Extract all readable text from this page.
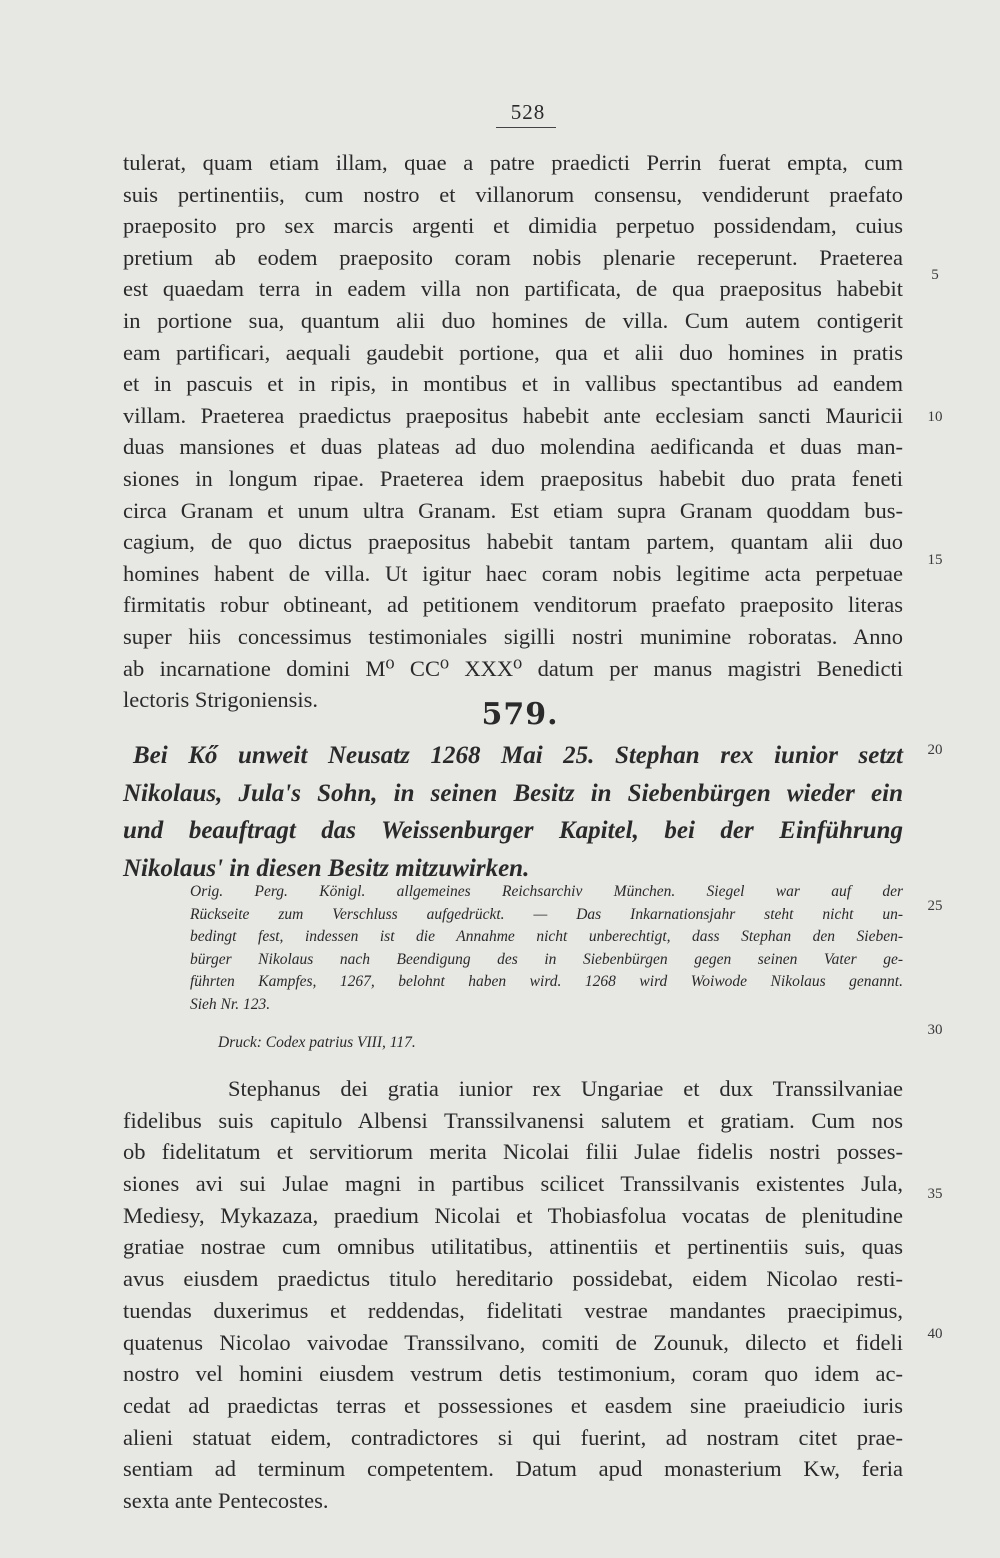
528
tulerat, quam etiam illam, quae a patre praedicti Perrin fuerat empta, cum
suis pertinentiis, cum nostro et villanorum consensu, vendiderunt praefato
praeposito pro sex marcis argenti et dimidia perpetuo possidendam, cuius
pretium ab eodem praeposito coram nobis plenarie receperunt. Praeterea
est quaedam terra in eadem villa non partificata, de qua praepositus habebit
in portione sua, quantum alii duo homines de villa. Cum autem contigerit
eam partificari, aequali gaudebit portione, qua et alii duo homines in pratis
et in pascuis et in ripis, in montibus et in vallibus spectantibus ad eandem
villam. Praeterea praedictus praepositus habebit ante ecclesiam sancti Mauricii
duas mansiones et duas plateas ad duo molendina aedificanda et duas man-
siones in longum ripae. Praeterea idem praepositus habebit duo prata feneti
circa Granam et unum ultra Granam. Est etiam supra Granam quoddam bus-
cagium, de quo dictus praepositus habebit tantam partem, quantam alii duo
homines habent de villa. Ut igitur haec coram nobis legitime acta perpetuae
firmitatis robur obtineant, ad petitionem venditorum praefato praeposito literas
super hiis concessimus testimoniales sigilli nostri munimine roboratas. Anno
ab incarnatione domini M⁰ CC⁰ XXX⁰ datum per manus magistri Benedicti
lectoris Strigoniensis.	579.
Bei Kő unweit Neusatz 1268 Mai 25. Stephan rex iunior setzt
Nikolaus, Jula's Sohn, in seinen Besitz in Siebenbürgen wieder ein
und beauftragt das Weissenburger Kapitel, bei der Einführung
Nikolaus' in diesen Besitz mitzuwirken.
Orig. Perg. Königl. allgemeines Reichsarchiv München. Siegel war auf der
Rückseite zum Verschluss aufgedrückt. — Das Inkarnationsjahr steht nicht un-
bedingt fest, indessen ist die Annahme nicht unberechtigt, dass Stephan den Sieben-
bürger Nikolaus nach Beendigung des in Siebenbürgen gegen seinen Vater ge-
führten Kampfes, 1267, belohnt haben wird. 1268 wird Woiwode Nikolaus genannt.
Sieh Nr. 123.
Druck: Codex patrius VIII, 117.
Stephanus dei gratia iunior rex Ungariae et dux Transsilvaniae
fidelibus suis capitulo Albensi Transsilvanensi salutem et gratiam. Cum nos
ob fidelitatum et servitiorum merita Nicolai filii Julae fidelis nostri posses-
siones avi sui Julae magni in partibus scilicet Transsilvanis existentes Jula,
Mediesy, Mykazaza, praedium Nicolai et Thobiasfolua vocatas de plenitudine
gratiae nostrae cum omnibus utilitatibus, attinentiis et pertinentiis suis, quas
avus eiusdem praedictus titulo hereditario possidebat, eidem Nicolao resti-
tuendas duxerimus et reddendas, fidelitati vestrae mandantes praecipimus,
quatenus Nicolao vaivodae Transsilvano, comiti de Zounuk, dilecto et fideli
nostro vel homini eiusdem vestrum detis testimonium, coram quo idem ac-
cedat ad praedictas terras et possessiones et easdem sine praeiudicio iuris
alieni statuat eidem, contradictores si qui fuerint, ad nostram citet prae-
sentiam ad terminum competentem. Datum apud monasterium Kw, feria
sexta ante Pentecostes.
5
10
15
20
25
30
35
40
